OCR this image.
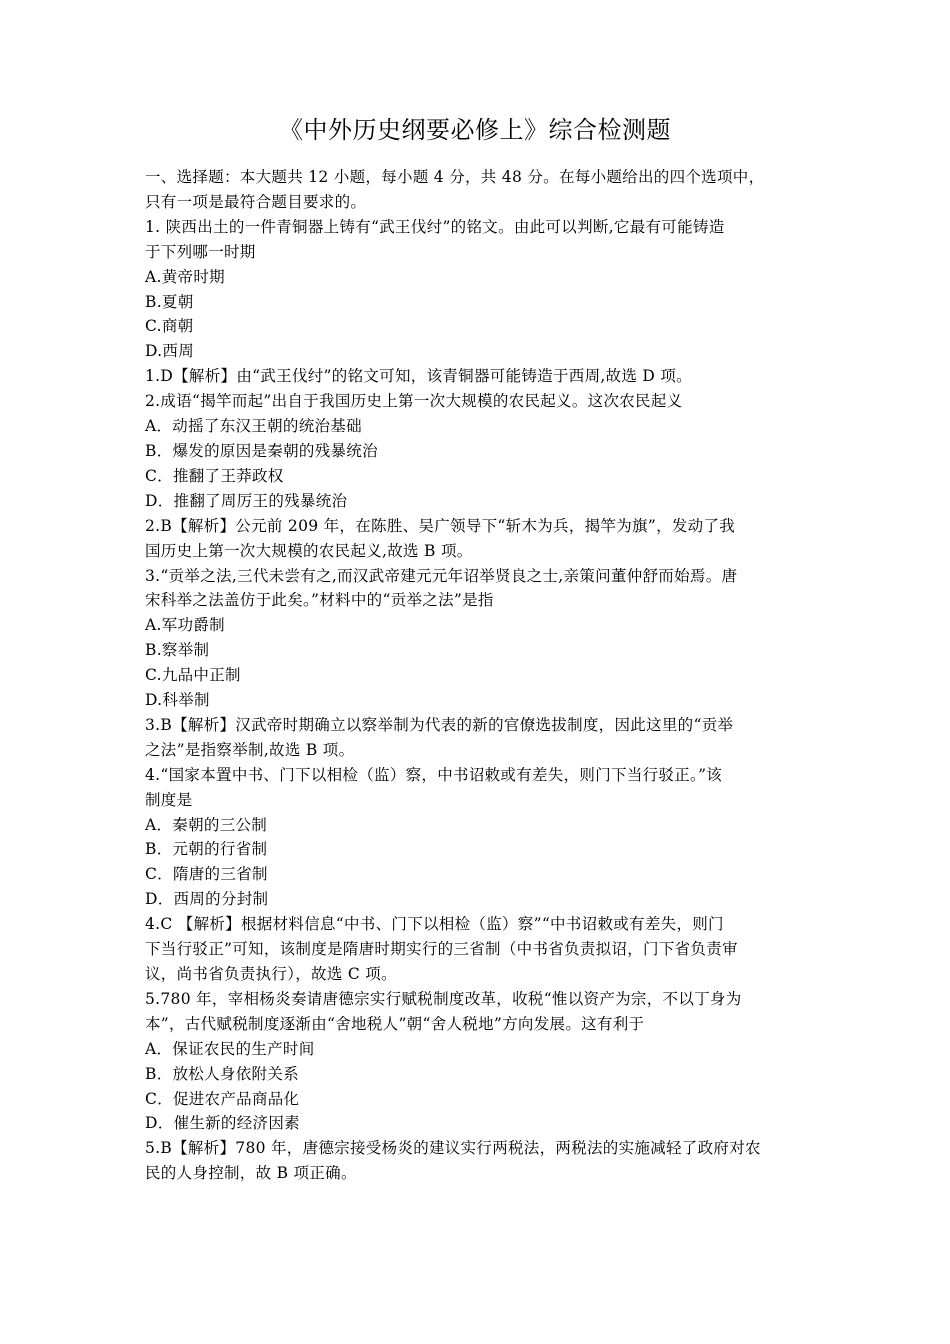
《中外历史纲要必修上》综合检测题
一、选择题：本大题共 12 小题，每小题 4 分，共 48 分。在每小题给出的四个选项中，
只有一项是最符合题目要求的。
1. 陕西出土的一件青铜器上铸有“武王伐纣”的铭文。由此可以判断,它最有可能铸造
于下列哪一时期
A.黄帝时期
B.夏朝
C.商朝
D.西周
1.D【解析】由“武王伐纣”的铭文可知，该青铜器可能铸造于西周,故选 D 项。
2.成语“揭竿而起”出自于我国历史上第一次大规模的农民起义。这次农民起义
A．动摇了东汉王朝的统治基础
B．爆发的原因是秦朝的残暴统治
C．推翻了王莽政权
D．推翻了周厉王的残暴统治
2.B【解析】公元前 209 年，在陈胜、吴广领导下“斩木为兵，揭竿为旗”，发动了我
国历史上第一次大规模的农民起义,故选 B 项。
3.“贡举之法,三代未尝有之,而汉武帝建元元年诏举贤良之士,亲策问董仲舒而始焉。唐
宋科举之法盖仿于此矣。”材料中的“贡举之法”是指
A.军功爵制
B.察举制
C.九品中正制
D.科举制
3.B【解析】汉武帝时期确立以察举制为代表的新的官僚选拔制度，因此这里的“贡举
之法”是指察举制,故选 B 项。
4.“国家本置中书、门下以相检（监）察，中书诏敕或有差失，则门下当行驳正。”该
制度是
A．秦朝的三公制
B．元朝的行省制
C．隋唐的三省制
D．西周的分封制
4.C 【解析】根据材料信息“中书、门下以相检（监）察”“中书诏敕或有差失，则门
下当行驳正”可知，该制度是隋唐时期实行的三省制（中书省负责拟诏，门下省负责审
议，尚书省负责执行），故选 C 项。
5.780 年，宰相杨炎奏请唐德宗实行赋税制度改革，收税“惟以资产为宗，不以丁身为
本”，古代赋税制度逐渐由“舍地税人”朝“舍人税地”方向发展。这有利于
A．保证农民的生产时间
B．放松人身依附关系
C．促进农产品商品化
D．催生新的经济因素
5.B【解析】780 年，唐德宗接受杨炎的建议实行两税法，两税法的实施减轻了政府对农
民的人身控制，故 B 项正确。
